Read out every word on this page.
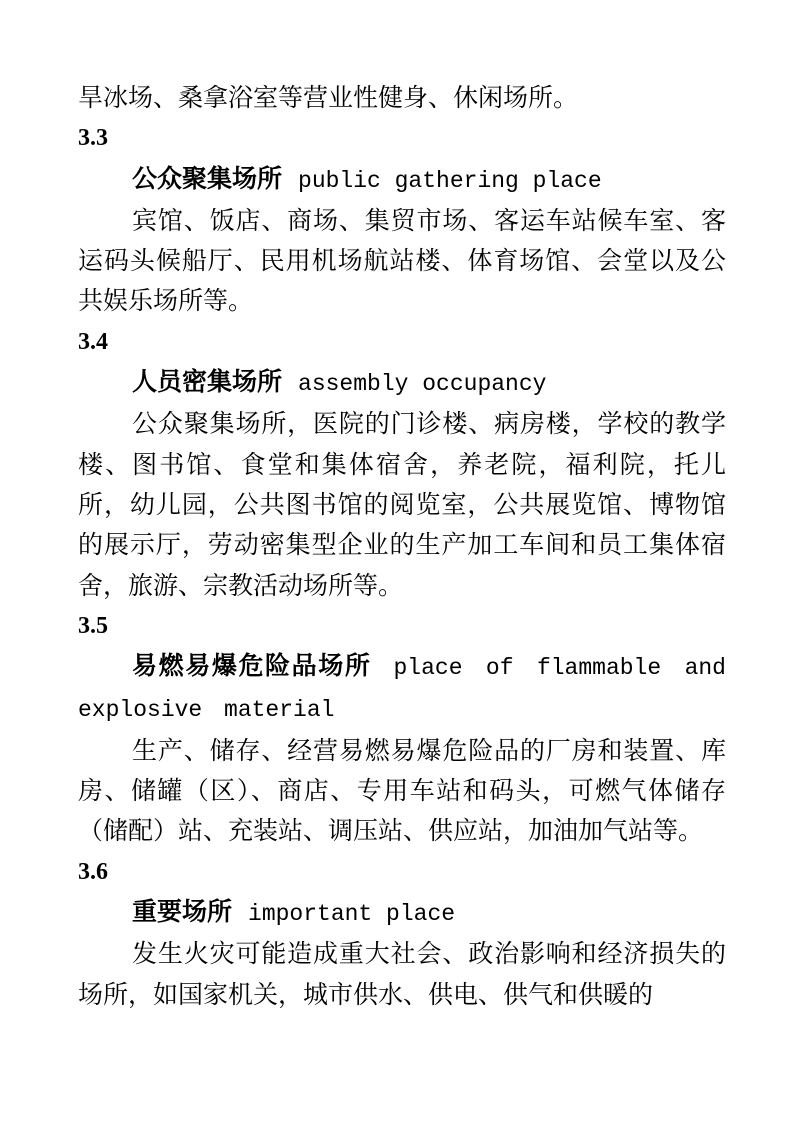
旱冰场、桑拿浴室等营业性健身、休闲场所。

3.3

公众聚集场所 public gathering place

宾馆、饭店、商场、集贸市场、客运车站候车室、客运码头候船厅、民用机场航站楼、体育场馆、会堂以及公共娱乐场所等。

3.4

人员密集场所 assembly occupancy

公众聚集场所，医院的门诊楼、病房楼，学校的教学楼、图书馆、食堂和集体宿舍，养老院，福利院，托儿所，幼儿园，公共图书馆的阅览室，公共展览馆、博物馆的展示厅，劳动密集型企业的生产加工车间和员工集体宿舍，旅游、宗教活动场所等。

3.5

易燃易爆危险品场所 place of flammable and explosive material

生产、储存、经营易燃易爆危险品的厂房和装置、库房、储罐（区）、商店、专用车站和码头，可燃气体储存（储配）站、充装站、调压站、供应站，加油加气站等。

3.6

重要场所 important place

发生火灾可能造成重大社会、政治影响和经济损失的场所，如国家机关，城市供水、供电、供气和供暖的
